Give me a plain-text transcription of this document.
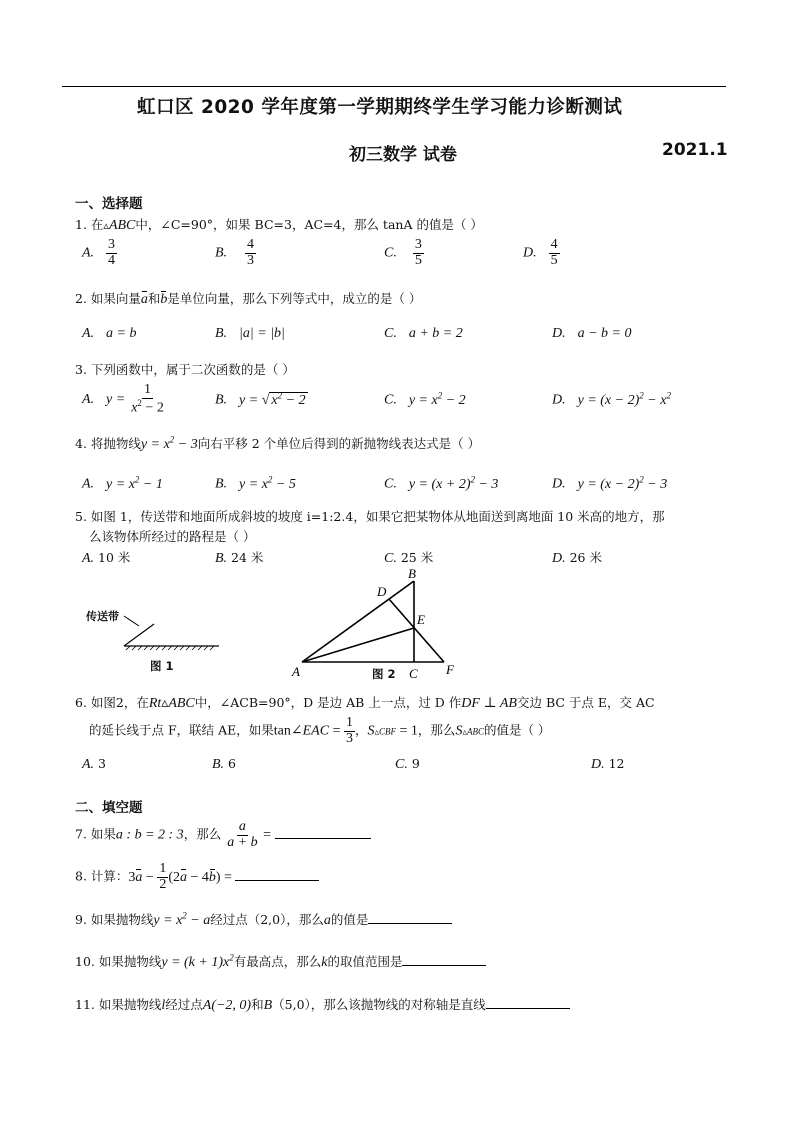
虹口区 2020 学年度第一学期期终学生学习能力诊断测试
初三数学 试卷	2021.1
一、选择题
1. 在▵ABC中，∠C=90°，如果 BC=3，AC=4，那么 tanA 的值是（ ）
A. $\frac{3}{4}$	B. $\frac{4}{3}$	C. $\frac{3}{5}$	D. $\frac{4}{5}$
2. 如果向量a和b是单位向量，那么下列等式中，成立的是（ ）
A. a = b	B. |a| = |b|	C. a + b = 2	D. a − b = 0
3. 下列函数中，属于二次函数的是（ ）
A. $y = \frac{1}{x^2 - 2}$	B. y = √ $x^2 - 2$	C. $y = x^2 - 2$	D. $y = (x - 2)^2 - x^2$
4. 将抛物线$y = x^2 - 3$向右平移 2 个单位后得到的新抛物线表达式是（ ）
A. $y = x^2 - 1$	B. $y = x^2 - 5$	C. $y = (x + 2)^2 - 3$	D. $y = (x - 2)^2 - 3$
5. 如图 1，传送带和地面所成斜坡的坡度 i=1:2.4，如果它把某物体从地面送到离地面 10 米高的地方，那
么该物体所经过的路程是（ ）
A. 10 米	B. 24 米	C. 25 米	D. 26 米
传送带
图 1	A
B
C
D
E
F
图 2
6. 如图2，在Rt▵ABC中，∠ACB=90°，D 是边 AB 上一点，过 D 作DF ⊥ AB交边 BC 于点 E，交 AC
的延长线于点 F，联结 AE，如果tan∠EAC = $\frac{1}{3}$ ，S▵CBF = 1，那么S▵ABC的值是（ ）
A. 3	B. 6	C. 9	D. 12
二、填空题
7. 如果a : b = 2 : 3，那么 $\frac{a}{a + b}$ =
8. 计算：$3a - \frac{1}{2} (2a - 4b)$ =
9. 如果抛物线$y = x^2 - a$经过点（2,0），那么a的值是
10. 如果抛物线$y = (k + 1)x^2$有最高点，那么k的取值范围是
11. 如果抛物线l经过点A(−2, 0)和B（5,0），那么该抛物线的对称轴是直线
